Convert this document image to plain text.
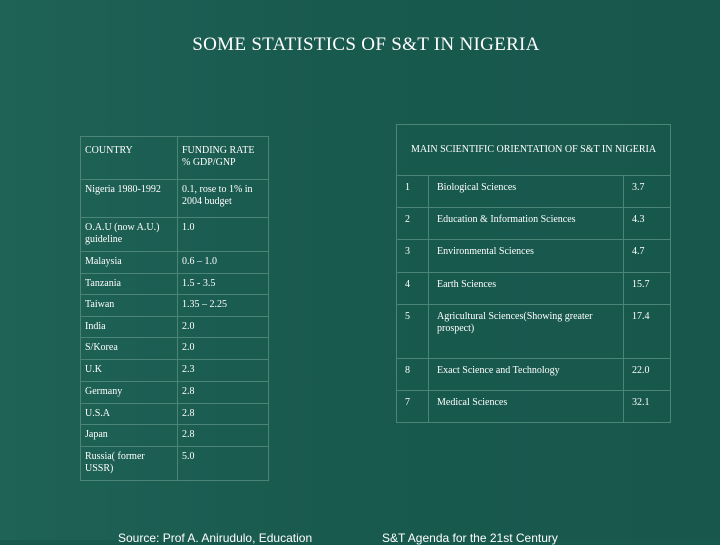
SOME STATISTICS OF S&T IN NIGERIA
COUNTRY	FUNDING RATE % GDP/GNP
Nigeria 1980-1992	0.1, rose to 1% in 2004 budget
O.A.U (now A.U.) guideline	1.0
Malaysia	0.6 – 1.0
Tanzania	1.5 - 3.5
Taiwan	1.35 – 2.25
India	2.0
S/Korea	2.0
U.K	2.3
Germany	2.8
U.S.A	2.8
Japan	2.8
Russia( former USSR)	5.0
MAIN SCIENTIFIC ORIENTATION OF S&T IN NIGERIA		
1	Biological Sciences	3.7
2	Education & Information Sciences	4.3
3	Environmental Sciences	4.7
4	Earth Sciences	15.7
5	Agricultural Sciences(Showing greater prospect)	17.4
8	Exact Science and Technology	22.0
7	Medical Sciences	32.1
Source: Prof A. Anirudulo, Education	S&T Agenda for the 21st Century
